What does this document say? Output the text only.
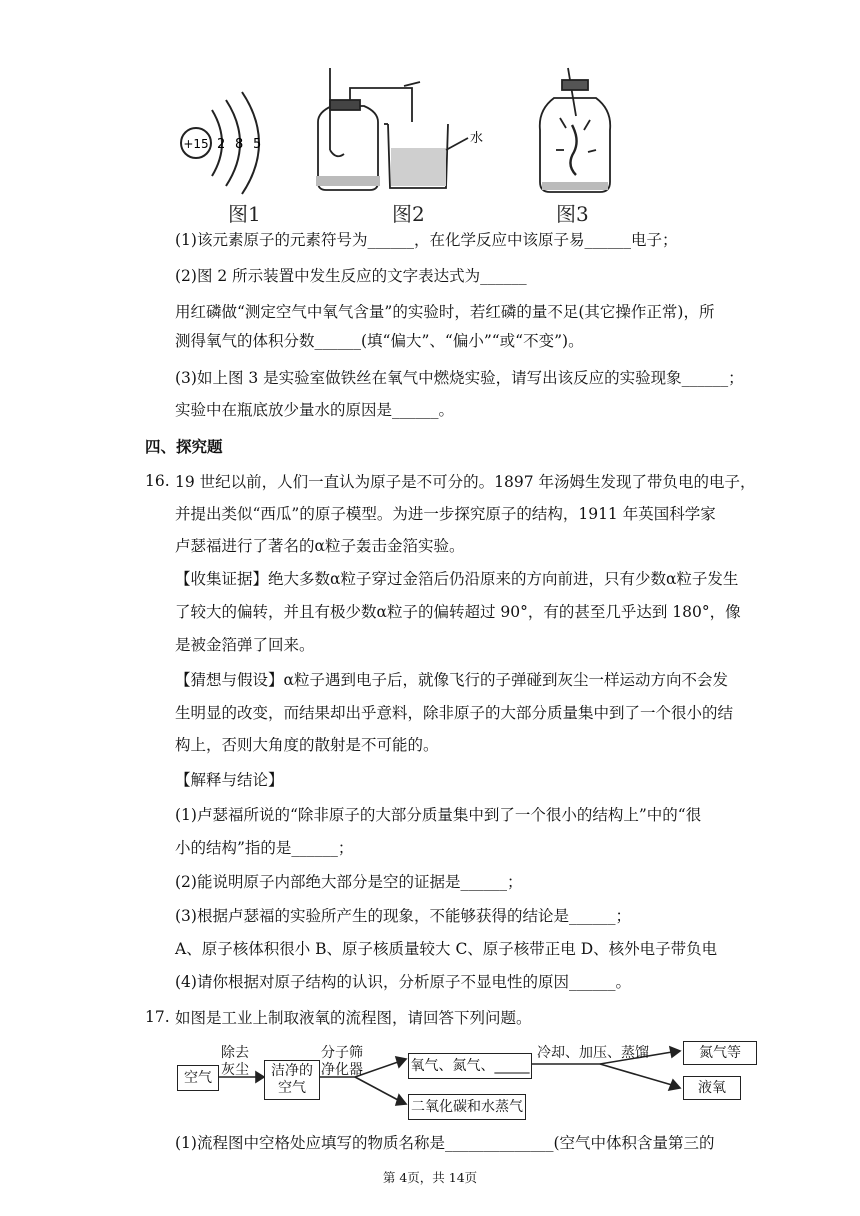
+15 2 8 5	水
图1	图2	图3
(1)该元素原子的元素符号为______，在化学反应中该原子易______电子；
(2)图 2 所示装置中发生反应的文字表达式为______
用红磷做“测定空气中氧气含量”的实验时，若红磷的量不足(其它操作正常)，所
测得氧气的体积分数______(填“偏大”、“偏小”“或“不变”)。
(3)如上图 3 是实验室做铁丝在氧气中燃烧实验，请写出该反应的实验现象______；
实验中在瓶底放少量水的原因是______。
四、探究题
16. 19 世纪以前，人们一直认为原子是不可分的。1897 年汤姆生发现了带负电的电子，
并提出类似“西瓜”的原子模型。为进一步探究原子的结构，1911 年英国科学家
卢瑟福进行了著名的α粒子轰击金箔实验。
【收集证据】绝大多数α粒子穿过金箔后仍沿原来的方向前进，只有少数α粒子发生
了较大的偏转，并且有极少数α粒子的偏转超过 90°，有的甚至几乎达到 180°，像
是被金箔弹了回来。
【猜想与假设】α粒子遇到电子后，就像飞行的子弹碰到灰尘一样运动方向不会发
生明显的改变，而结果却出乎意料，除非原子的大部分质量集中到了一个很小的结
构上，否则大角度的散射是不可能的。
【解释与结论】
(1)卢瑟福所说的“除非原子的大部分质量集中到了一个很小的结构上”中的“很
小的结构”指的是______；
(2)能说明原子内部绝大部分是空的证据是______；
(3)根据卢瑟福的实验所产生的现象，不能够获得的结论是______；
A、原子核体积很小 B、原子核质量较大 C、原子核带正电 D、核外电子带负电
(4)请你根据对原子结构的认识，分析原子不显电性的原因______。
17. 如图是工业上制取液氧的流程图，请回答下列问题。
空气
除去
灰尘 洁净的
空气
分子筛
净化器	氧气、氮气、_____
二氧化碳和水蒸气
冷却、加压、蒸馏	氮气等
液氧
(1)流程图中空格处应填写的物质名称是______________(空气中体积含量第三的
第 4页，共 14页
